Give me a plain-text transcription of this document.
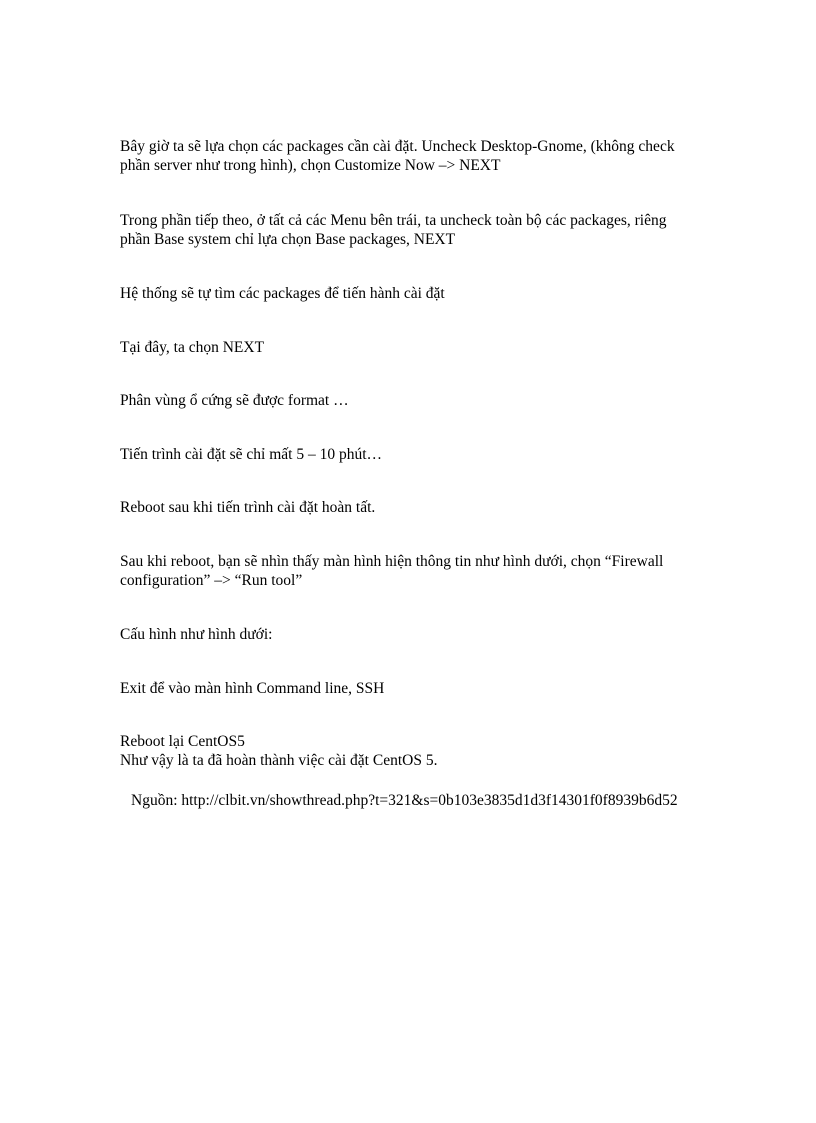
Bây giờ ta sẽ lựa chọn các packages cần cài đặt. Uncheck Desktop-Gnome, (không check
phần server như trong hình), chọn Customize Now –> NEXT

Trong phần tiếp theo, ở tất cả các Menu bên trái, ta uncheck toàn bộ các packages, riêng
phần Base system chỉ lựa chọn Base packages, NEXT

Hệ thống sẽ tự tìm các packages để tiến hành cài đặt

Tại đây, ta chọn NEXT

Phân vùng ổ cứng sẽ được format …

Tiến trình cài đặt sẽ chỉ mất 5 – 10 phút…

Reboot sau khi tiến trình cài đặt hoàn tất.

Sau khi reboot, bạn sẽ nhìn thấy màn hình hiện thông tin như hình dưới, chọn “Firewall
configuration” –> “Run tool”

Cấu hình như hình dưới:

Exit để vào màn hình Command line, SSH

Reboot lại CentOS5
Như vậy là ta đã hoàn thành việc cài đặt CentOS 5.

Nguồn: http://clbit.vn/showthread.php?t=321&s=0b103e3835d1d3f14301f0f8939b6d52
